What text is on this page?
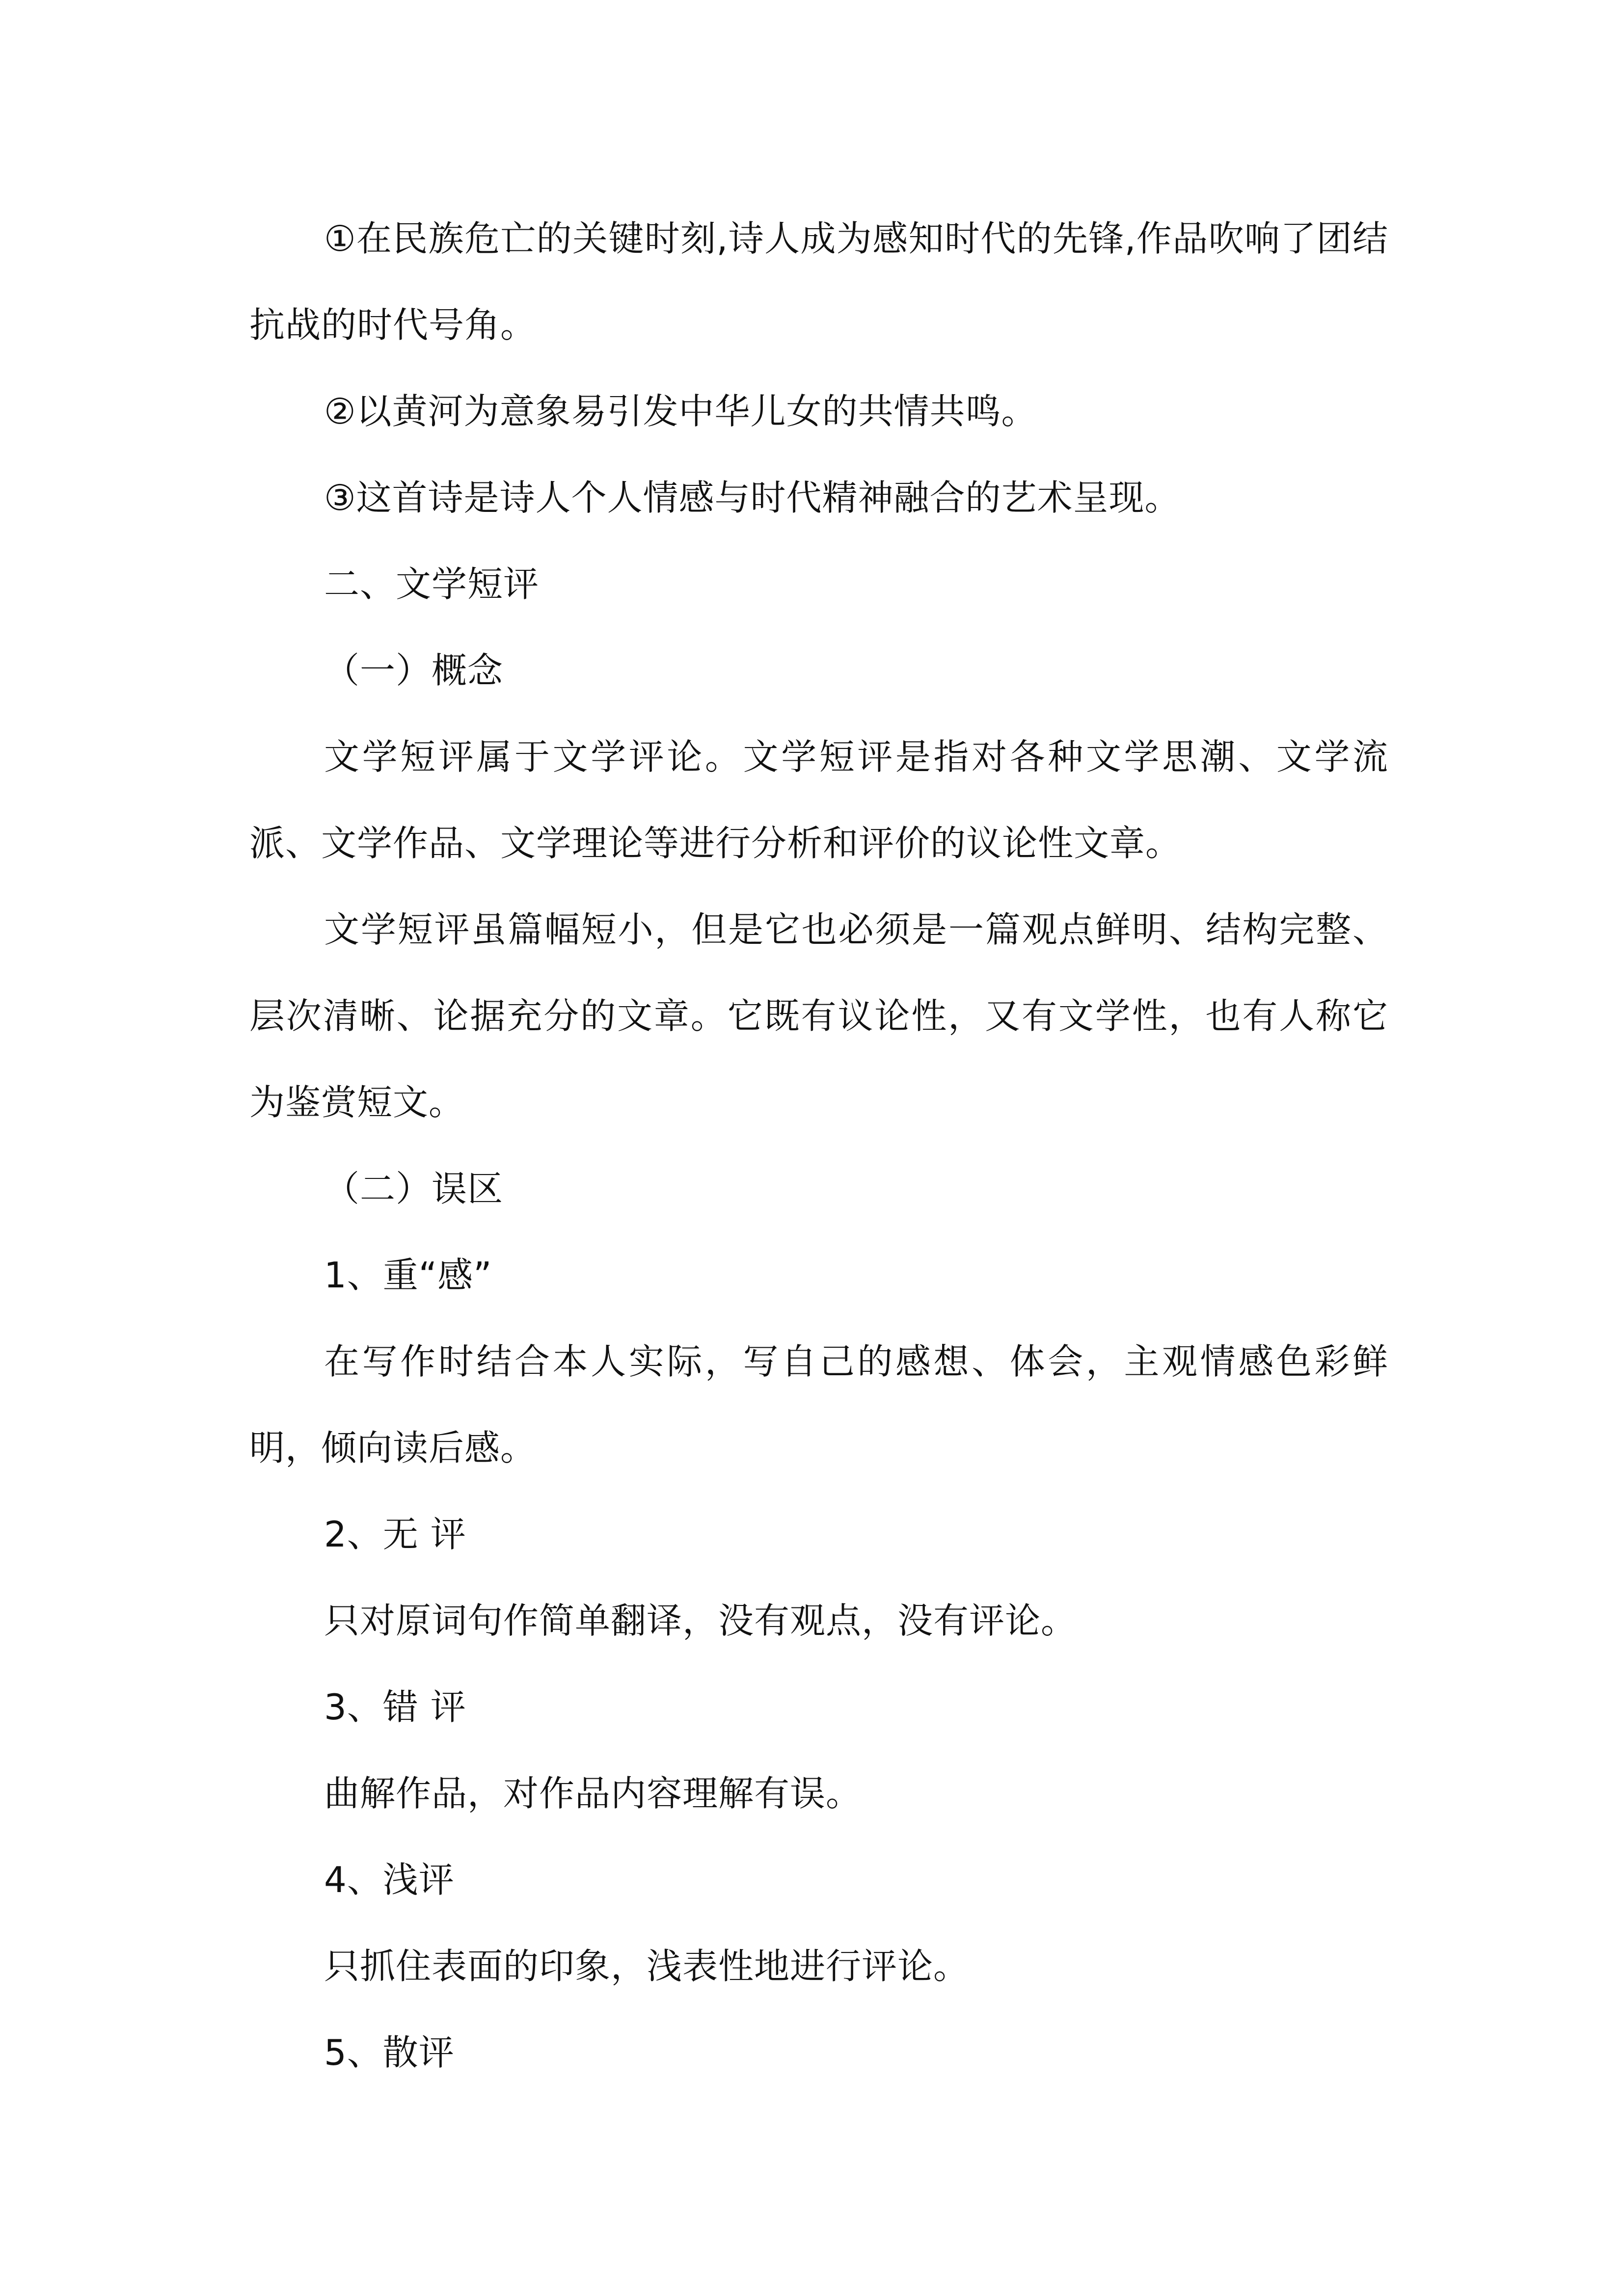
①在民族危亡的关键时刻,诗人成为感知时代的先锋,作品吹响了团结抗战的时代号角。

②以黄河为意象易引发中华儿女的共情共鸣。

③这首诗是诗人个人情感与时代精神融合的艺术呈现。

二、文学短评

（一）概念

文学短评属于文学评论。文学短评是指对各种文学思潮、文学流派、文学作品、文学理论等进行分析和评价的议论性文章。

文学短评虽篇幅短小，但是它也必须是一篇观点鲜明、结构完整、层次清晰、论据充分的文章。它既有议论性，又有文学性，也有人称它为鉴赏短文。

（二）误区

1、重“感”

在写作时结合本人实际，写自己的感想、体会，主观情感色彩鲜明，倾向读后感。

2、无 评

只对原词句作简单翻译，没有观点，没有评论。

3、错 评

曲解作品，对作品内容理解有误。

4、浅评

只抓住表面的印象，浅表性地进行评论。

5、散评
